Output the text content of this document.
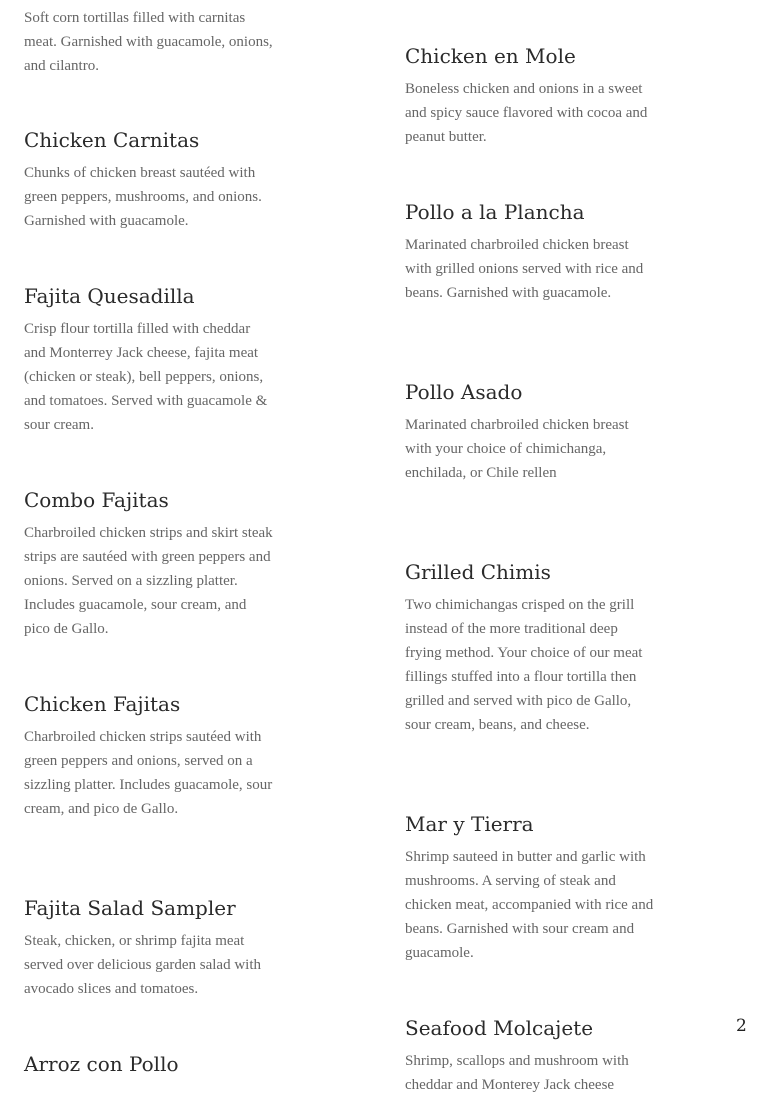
Soft corn tortillas filled with carnitas meat. Garnished with guacamole, onions, and cilantro.

Chicken Carnitas

Chunks of chicken breast sautéed with green peppers, mushrooms, and onions. Garnished with guacamole.

Fajita Quesadilla

Crisp flour tortilla filled with cheddar and Monterrey Jack cheese, fajita meat (chicken or steak), bell peppers, onions, and tomatoes. Served with guacamole & sour cream.

Combo Fajitas

Charbroiled chicken strips and skirt steak strips are sautéed with green peppers and onions. Served on a sizzling platter. Includes guacamole, sour cream, and pico de Gallo.

Chicken Fajitas

Charbroiled chicken strips sautéed with green peppers and onions, served on a sizzling platter. Includes guacamole, sour cream, and pico de Gallo.

Fajita Salad Sampler

Steak, chicken, or shrimp fajita meat served over delicious garden salad with avocado slices and tomatoes.

Arroz con Pollo
Chicken en Mole

Boneless chicken and onions in a sweet and spicy sauce flavored with cocoa and peanut butter.

Pollo a la Plancha

Marinated charbroiled chicken breast with grilled onions served with rice and beans. Garnished with guacamole.

Pollo Asado

Marinated charbroiled chicken breast with your choice of chimichanga, enchilada, or Chile rellen

Grilled Chimis

Two chimichangas crisped on the grill instead of the more traditional deep frying method. Your choice of our meat fillings stuffed into a flour tortilla then grilled and served with pico de Gallo, sour cream, beans, and cheese.

Mar y Tierra

Shrimp sauteed in butter and garlic with mushrooms. A serving of steak and chicken meat, accompanied with rice and beans. Garnished with sour cream and guacamole.

Seafood Molcajete

Shrimp, scallops and mushroom with cheddar and Monterey Jack cheese

2
